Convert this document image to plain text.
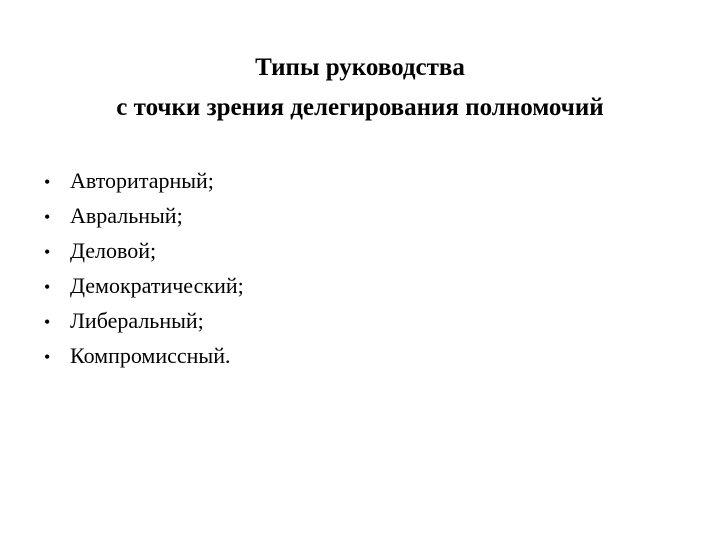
Типы руководства
с точки зрения делегирования полномочий
• Авторитарный;
• Авральный;
• Деловой;
• Демократический;
• Либеральный;
• Компромиссный.
